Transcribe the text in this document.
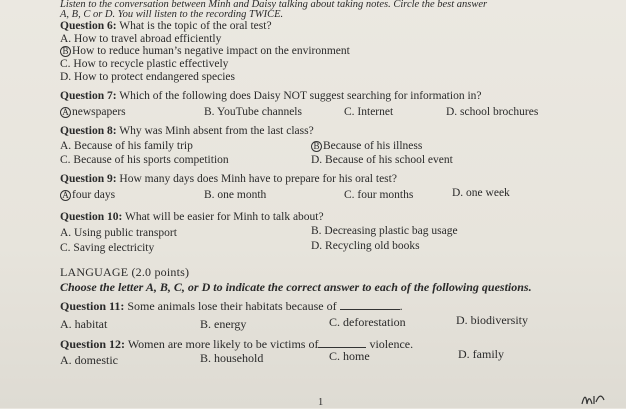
Listen to the conversation between Minh and Daisy talking about taking notes. Circle the best answer
A, B, C or D. You will listen to the recording TWICE.
Question 6: What is the topic of the oral test?
A. How to travel abroad efficiently
B How to reduce human’s negative impact on the environment
C. How to recycle plastic effectively
D. How to protect endangered species
Question 7: Which of the following does Daisy NOT suggest searching for information in?
A newspapers	B. YouTube channels	C. Internet	D. school brochures
Question 8: Why was Minh absent from the last class?
A. Because of his family trip	B Because of his illness
C. Because of his sports competition	D. Because of his school event
Question 9: How many days does Minh have to prepare for his oral test?
A four days	B. one month	C. four months	D. one week
Question 10: What will be easier for Minh to talk about?
A. Using public transport	B. Decreasing plastic bag usage
C. Saving electricity	D. Recycling old books
LANGUAGE (2.0 points)
Choose the letter A, B, C, or D to indicate the correct answer to each of the following questions.
Question 11: Some animals lose their habitats because of	.
A. habitat	B. energy	C. deforestation	D. biodiversity
Question 12: Women are more likely to be victims of	violence.
A. domestic	B. household	C. home	D. family
1
